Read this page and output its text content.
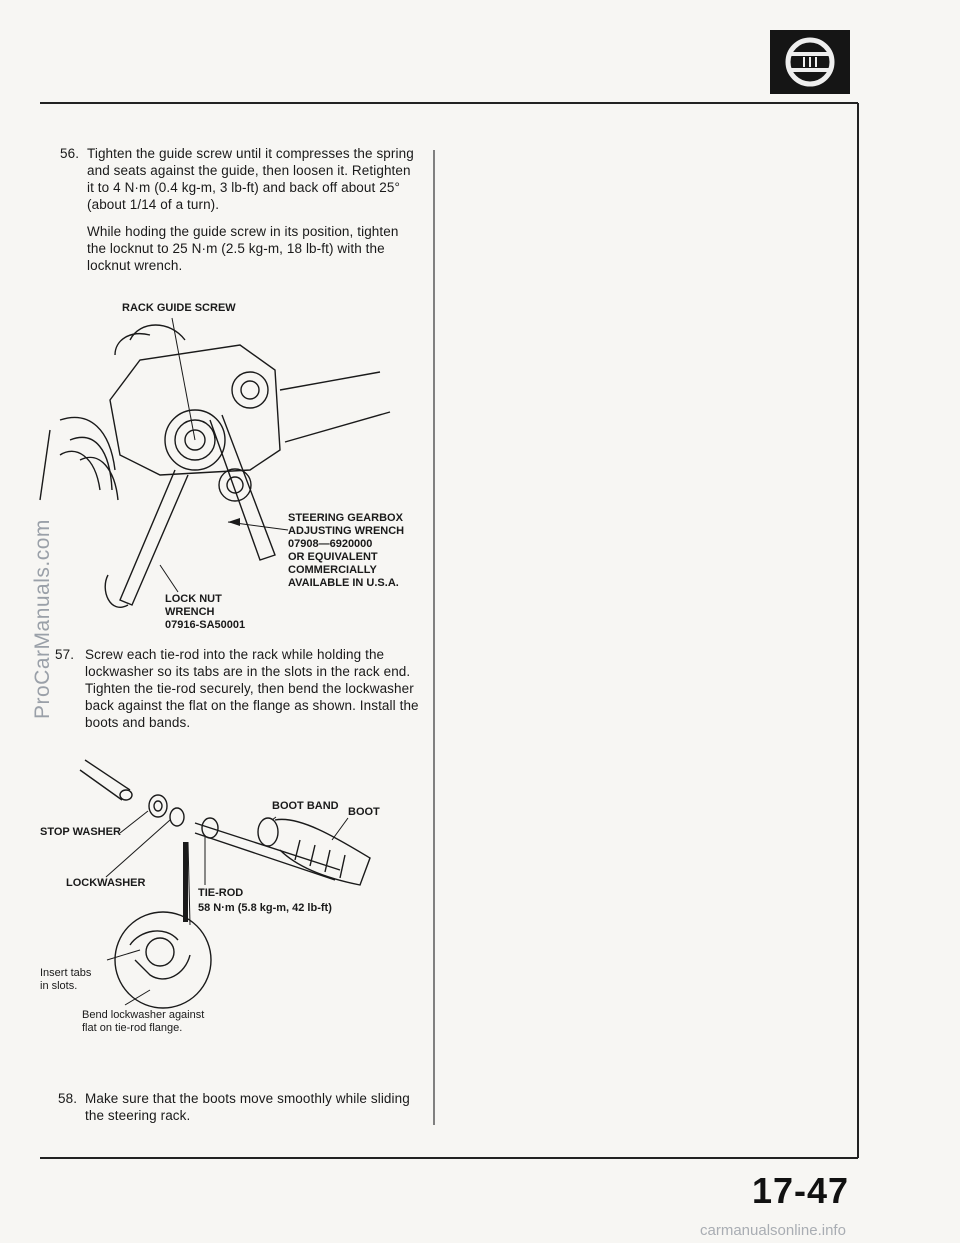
ProCarManuals.com
56. Tighten the guide screw until it compresses the spring and seats against the guide, then loosen it. Retighten it to 4 N·m (0.4 kg-m, 3 lb-ft) and back off about 25° (about 1/14 of a turn).

While hoding the guide screw in its position, tighten the locknut to 25 N·m (2.5 kg-m, 18 lb-ft) with the locknut wrench.

RACK GUIDE SCREW
STEERING GEARBOX
ADJUSTING WRENCH
07908—6920000
OR EQUIVALENT
COMMERCIALLY
AVAILABLE IN U.S.A.
LOCK NUT
WRENCH
07916-SA50001
57. Screw each tie-rod into the rack while holding the lockwasher so its tabs are in the slots in the rack end. Tighten the tie-rod securely, then bend the lockwasher back against the flat on the flange as shown. Install the boots and bands.

BOOT BAND BOOT
STOP WASHER
LOCKWASHER
TIE-ROD
58 N·m (5.8 kg-m, 42 lb-ft)
Insert tabs
in slots.
Bend lockwasher against
flat on tie-rod flange.
58. Make sure that the boots move smoothly while sliding the steering rack.

17-47
carmanualsonline.info
